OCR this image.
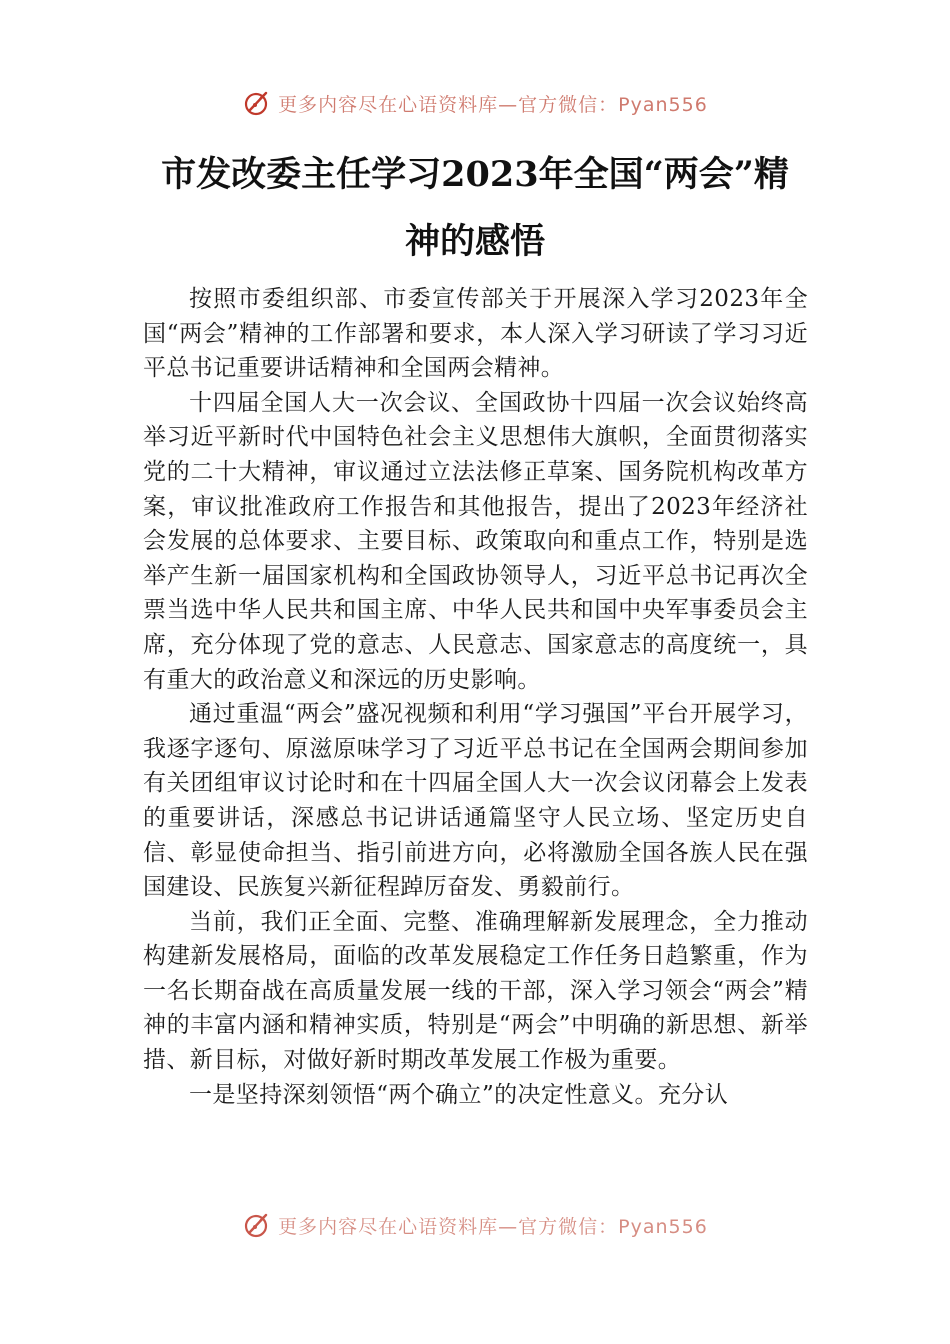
更多内容尽在心语资料库—官方微信：Pyan556
市发改委主任学习2023年全国“两会”精
神的感悟

按照市委组织部、市委宣传部关于开展深入学习2023年全国“两会”精神的工作部署和要求，本人深入学习研读了学习习近平总书记重要讲话精神和全国两会精神。

十四届全国人大一次会议、全国政协十四届一次会议始终高举习近平新时代中国特色社会主义思想伟大旗帜，全面贯彻落实党的二十大精神，审议通过立法法修正草案、国务院机构改革方案，审议批准政府工作报告和其他报告，提出了2023年经济社会发展的总体要求、主要目标、政策取向和重点工作，特别是选举产生新一届国家机构和全国政协领导人，习近平总书记再次全票当选中华人民共和国主席、中华人民共和国中央军事委员会主席，充分体现了党的意志、人民意志、国家意志的高度统一，具有重大的政治意义和深远的历史影响。

通过重温“两会”盛况视频和利用“学习强国”平台开展学习，我逐字逐句、原滋原味学习了习近平总书记在全国两会期间参加有关团组审议讨论时和在十四届全国人大一次会议闭幕会上发表的重要讲话，深感总书记讲话通篇坚守人民立场、坚定历史自信、彰显使命担当、指引前进方向，必将激励全国各族人民在强国建设、民族复兴新征程踔厉奋发、勇毅前行。

当前，我们正全面、完整、准确理解新发展理念，全力推动构建新发展格局，面临的改革发展稳定工作任务日趋繁重，作为一名长期奋战在高质量发展一线的干部，深入学习领会“两会”精神的丰富内涵和精神实质，特别是“两会”中明确的新思想、新举措、新目标，对做好新时期改革发展工作极为重要。

一是坚持深刻领悟“两个确立”的决定性意义。充分认

更多内容尽在心语资料库—官方微信：Pyan556
